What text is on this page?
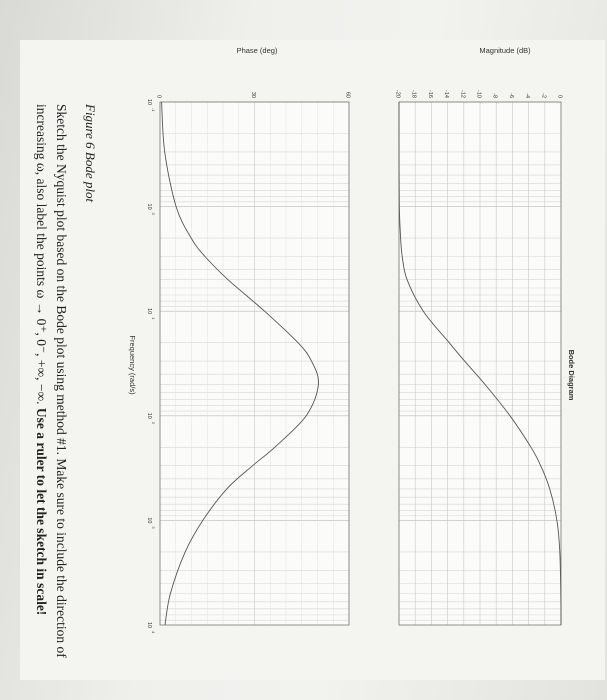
Bode Diagram
0
-2
-4
-6
-8
-10
-12
-14
-16
-18
-20
0	30	60
10
-1
10
0
10
1
10
2
10
3
10
4
Magnitude (dB)
Phase (deg)
Frequency (rad/s)
Figure 6 Bode plot
Sketch the Nyquist plot based on the Bode plot using method #1. Make sure to include the direction of
increasing ω, also label the points ω → 0⁺, 0⁻, +∞, −∞. Use a ruler to let the sketch in scale!
